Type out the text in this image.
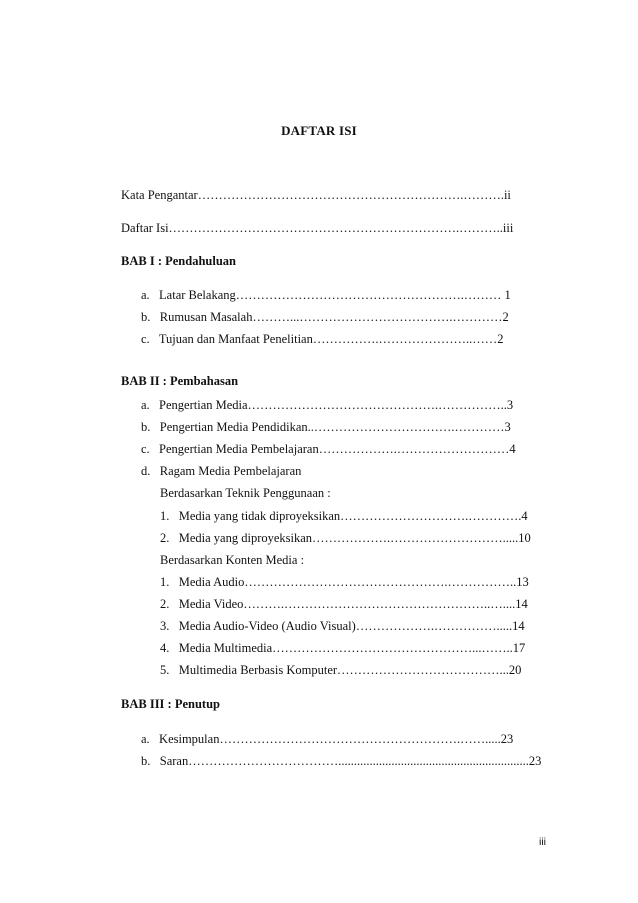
DAFTAR ISI
Kata Pengantar……………………………………………………….……….ii
Daftar Isi…………………………………………………………….………..iii
BAB I : Pendahuluan
a.   Latar Belakang……………………………………………….……… 1
b.   Rumusan Masalah………...……………………………….…………2
c.   Tujuan dan Manfaat Penelitian…………….…………………..……2
BAB II : Pembahasan
a.   Pengertian Media……………………………………….……………..3
b.   Pengertian Media Pendidikan..…………………………….…………3
c.   Pengertian Media Pembelajaran……………….………………………4
d.   Ragam Media Pembelajaran
Berdasarkan Teknik Penggunaan :
1.   Media yang tidak diproyeksikan………………………….………….4
2.   Media yang diproyeksikan……………….……………………….....10
Berdasarkan Konten Media :
1.   Media Audio………………………………………….……………..13
2.   Media Video……….…………………………………………..…....14
3.   Media Audio-Video (Audio Visual)……………….…………….....14
4.   Media Multimedia…………………………………………...……..17
5.   Multimedia Berbasis Komputer…………………………………...20
BAB III : Penutup
a.   Kesimpulan………………………………………………….…….....23
b.   Saran……………………………….............................................................23
iii
